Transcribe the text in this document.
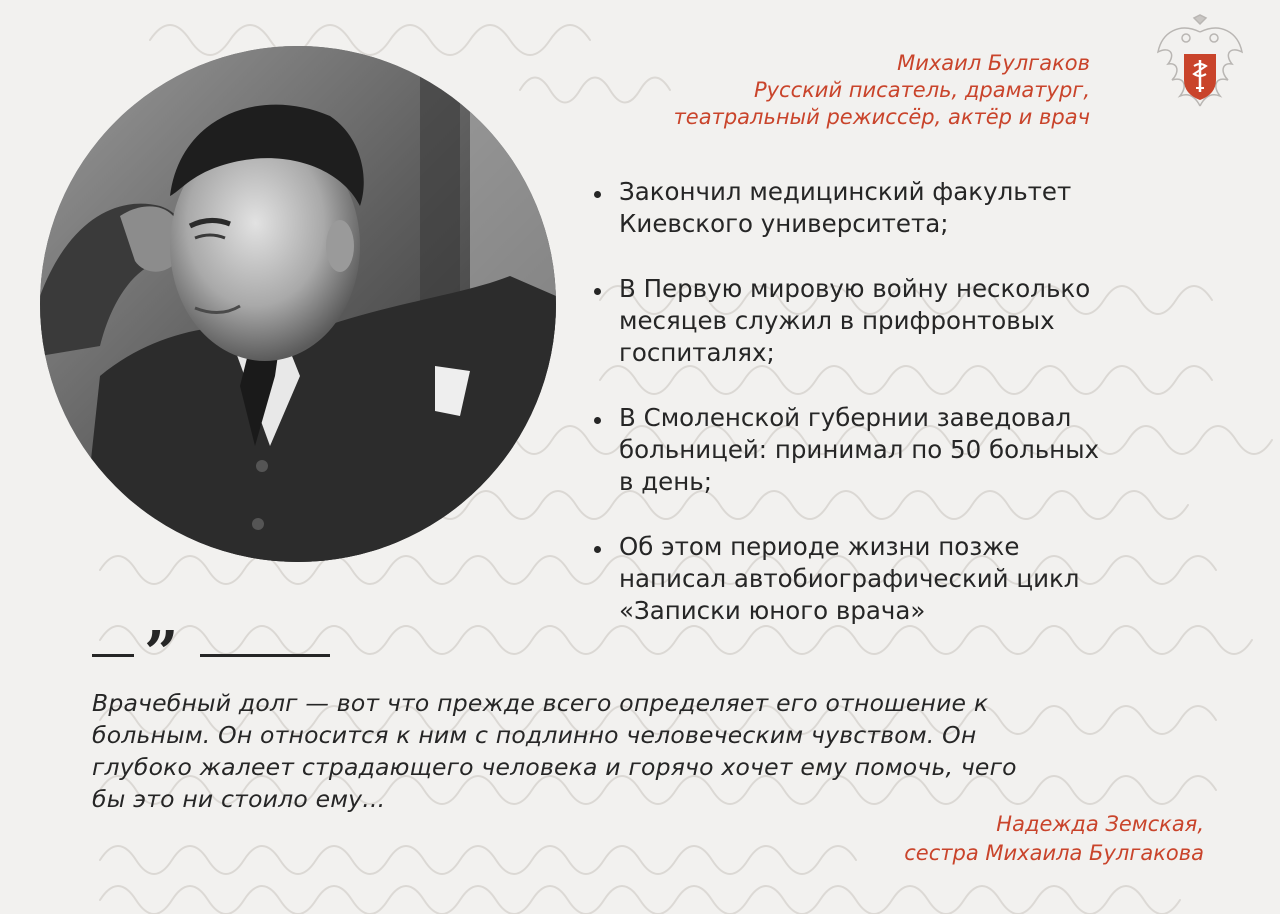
Михаил Булгаков
Русский писатель, драматург,
театральный режиссёр, актёр и врач
Закончил медицинский факультет
Киевского университета;
В Первую мировую войну несколько
месяцев служил в прифронтовых
госпиталях;
В Смоленской губернии заведовал
больницей: принимал по 50 больных
в день;
Об этом периоде жизни позже
написал автобиографический цикл
«Записки юного врача»
”
Врачебный долг — вот что прежде всего определяет его отношение к
больным. Он относится к ним с подлинно человеческим чувством. Он
глубоко жалеет страдающего человека и горячо хочет ему помочь, чего
бы это ни стоило ему...
Надежда Земская,
сестра Михаила Булгакова
